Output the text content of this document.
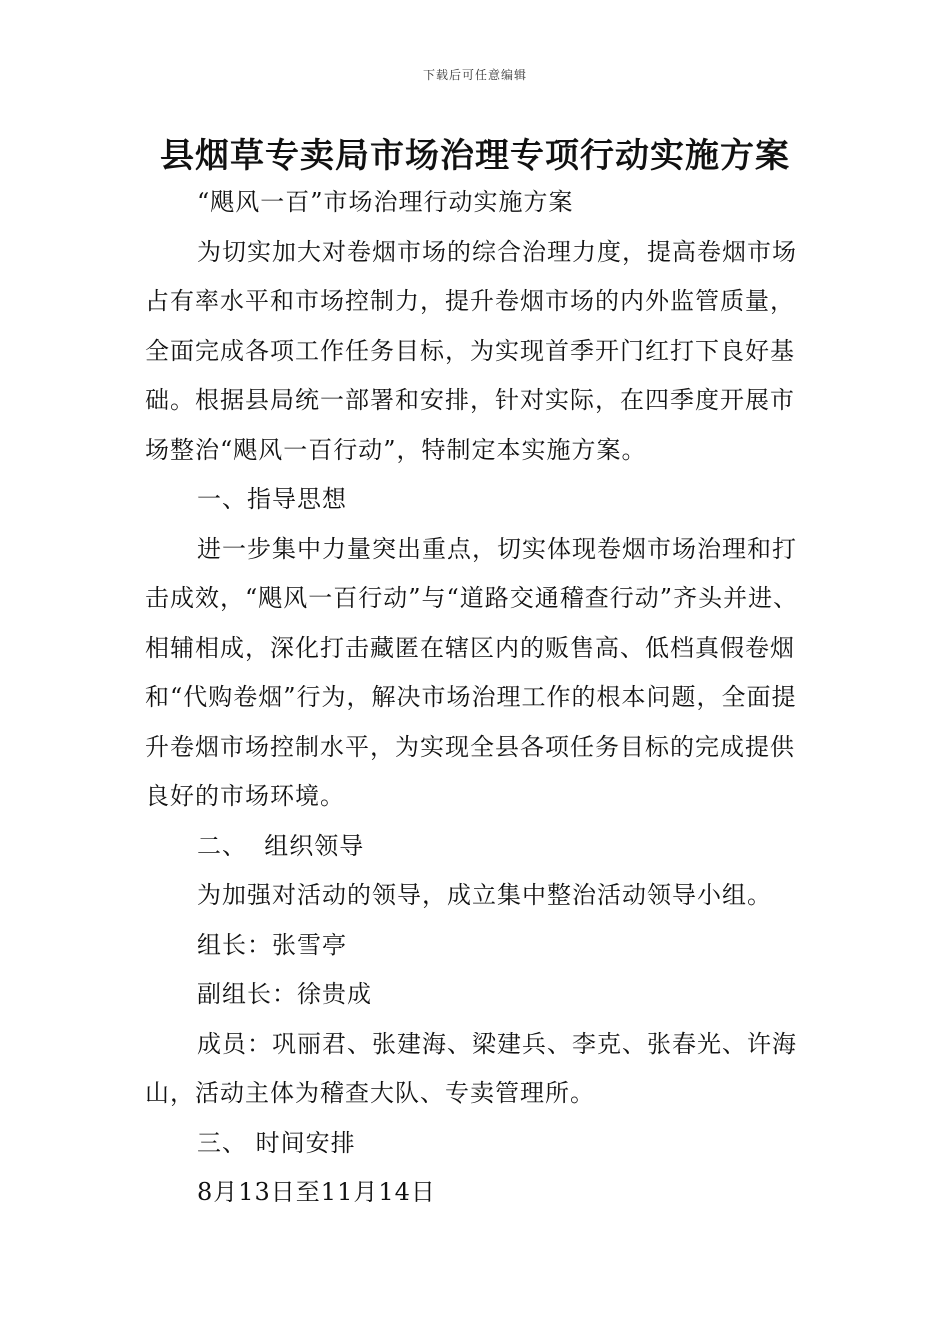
下载后可任意编辑
县烟草专卖局市场治理专项行动实施方案

“飓风一百”市场治理行动实施方案

为切实加大对卷烟市场的综合治理力度，提高卷烟市场占有率水平和市场控制力，提升卷烟市场的内外监管质量，全面完成各项工作任务目标，为实现首季开门红打下良好基础。根据县局统一部署和安排，针对实际，在四季度开展市场整治“飓风一百行动”，特制定本实施方案。

一、指导思想

进一步集中力量突出重点，切实体现卷烟市场治理和打击成效，“飓风一百行动”与“道路交通稽查行动”齐头并进、相辅相成，深化打击藏匿在辖区内的贩售高、低档真假卷烟和“代购卷烟”行为，解决市场治理工作的根本问题，全面提升卷烟市场控制水平，为实现全县各项任务目标的完成提供良好的市场环境。

二、  组织领导

为加强对活动的领导，成立集中整治活动领导小组。

组长：张雪亭

副组长：徐贵成

成员：巩丽君、张建海、梁建兵、李克、张春光、许海山，活动主体为稽查大队、专卖管理所。

三、 时间安排

8月13日至11月14日
